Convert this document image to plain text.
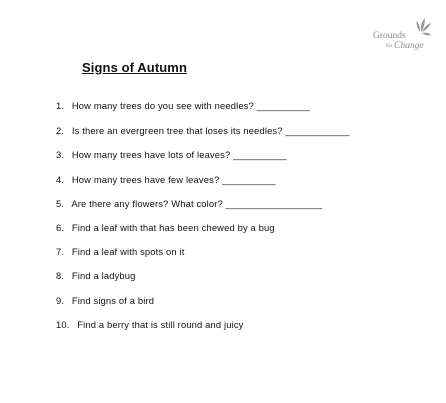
Grounds
for Change
Signs of Autumn
1. How many trees do you see with needles? __________
2. Is there an evergreen tree that loses its needles? ____________
3. How many trees have lots of leaves? __________
4. How many trees have few leaves? __________
5. Are there any flowers? What color? __________________
6. Find a leaf with that has been chewed by a bug
7. Find a leaf with spots on it
8. Find a ladybug
9. Find signs of a bird
10. Find a berry that is still round and juicy
